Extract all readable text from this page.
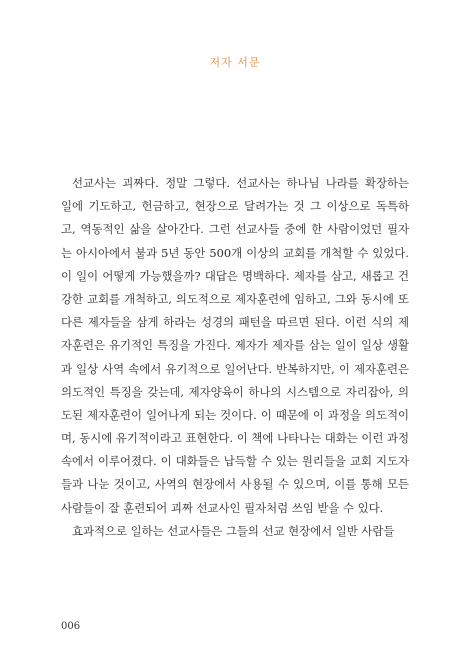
저자 서문
선교사는 괴짜다. 정말 그렇다. 선교사는 하나님 나라를 확장하는
일에 기도하고, 헌금하고, 현장으로 달려가는 것 그 이상으로 독특하
고, 역동적인 삶을 살아간다. 그런 선교사들 중에 한 사람이었던 필자
는 아시아에서 불과 5년 동안 500개 이상의 교회를 개척할 수 있었다.
이 일이 어떻게 가능했을까? 대답은 명백하다. 제자를 삼고, 새롭고 건
강한 교회를 개척하고, 의도적으로 제자훈련에 임하고, 그와 동시에 또
다른 제자들을 삼게 하라는 성경의 패턴을 따르면 된다. 이런 식의 제
자훈련은 유기적인 특징을 가진다. 제자가 제자를 삼는 일이 일상 생활
과 일상 사역 속에서 유기적으로 일어난다. 반복하지만, 이 제자훈련은
의도적인 특징을 갖는데, 제자양육이 하나의 시스템으로 자리잡아, 의
도된 제자훈련이 일어나게 되는 것이다. 이 때문에 이 과정을 의도적이
며, 동시에 유기적이라고 표현한다. 이 책에 나타나는 대화는 이런 과정
속에서 이루어졌다. 이 대화들은 납득할 수 있는 원리들을 교회 지도자
들과 나눈 것이고, 사역의 현장에서 사용될 수 있으며, 이를 통해 모든
사람들이 잘 훈련되어 괴짜 선교사인 필자처럼 쓰임 받을 수 있다.
효과적으로 일하는 선교사들은 그들의 선교 현장에서 일반 사람들

006
